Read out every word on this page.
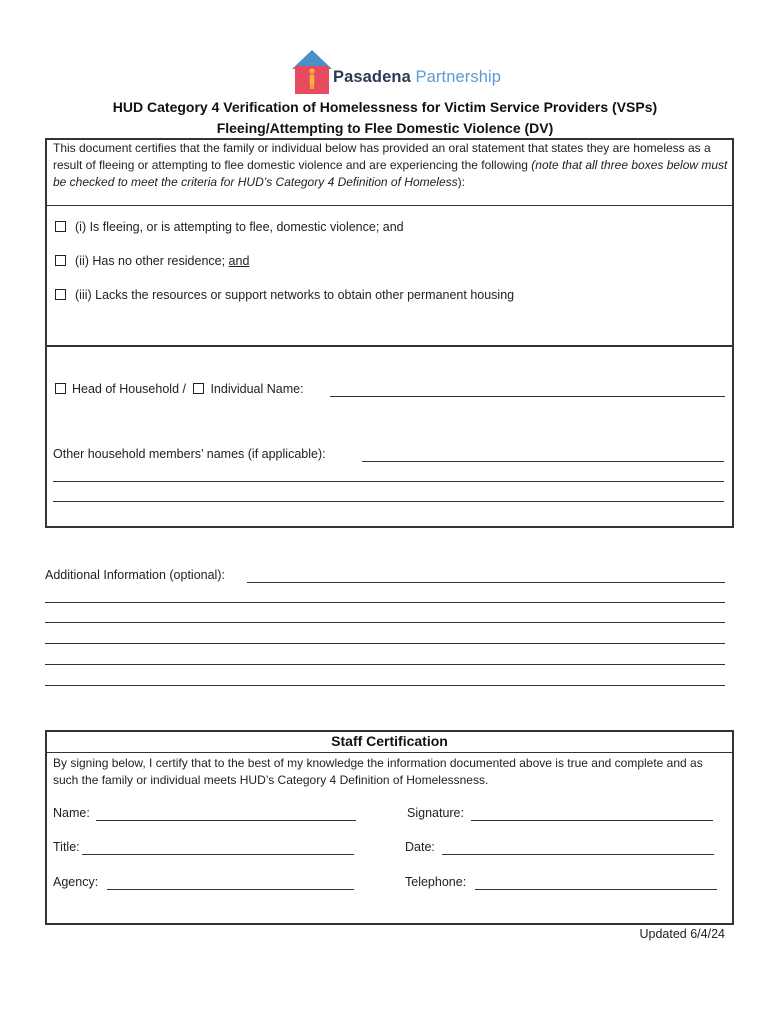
Pasadena Partnership
HUD Category 4 Verification of Homelessness for Victim Service Providers (VSPs)
Fleeing/Attempting to Flee Domestic Violence (DV)
This document certifies that the family or individual below has provided an oral statement that states they are homeless as a result of fleeing or attempting to flee domestic violence and are experiencing the following (note that all three boxes below must be checked to meet the criteria for HUD’s Category 4 Definition of Homeless):
(i) Is fleeing, or is attempting to flee, domestic violence; and
(ii) Has no other residence; and
(iii) Lacks the resources or support networks to obtain other permanent housing
Head of Household / Individual Name:
Other household members’ names (if applicable):
Additional Information (optional):
Staff Certification
By signing below, I certify that to the best of my knowledge the information documented above is true and complete and as such the family or individual meets HUD’s Category 4 Definition of Homelessness.
Name:	Signature:
Title:	Date:
Agency:	Telephone:
Updated 6/4/24
